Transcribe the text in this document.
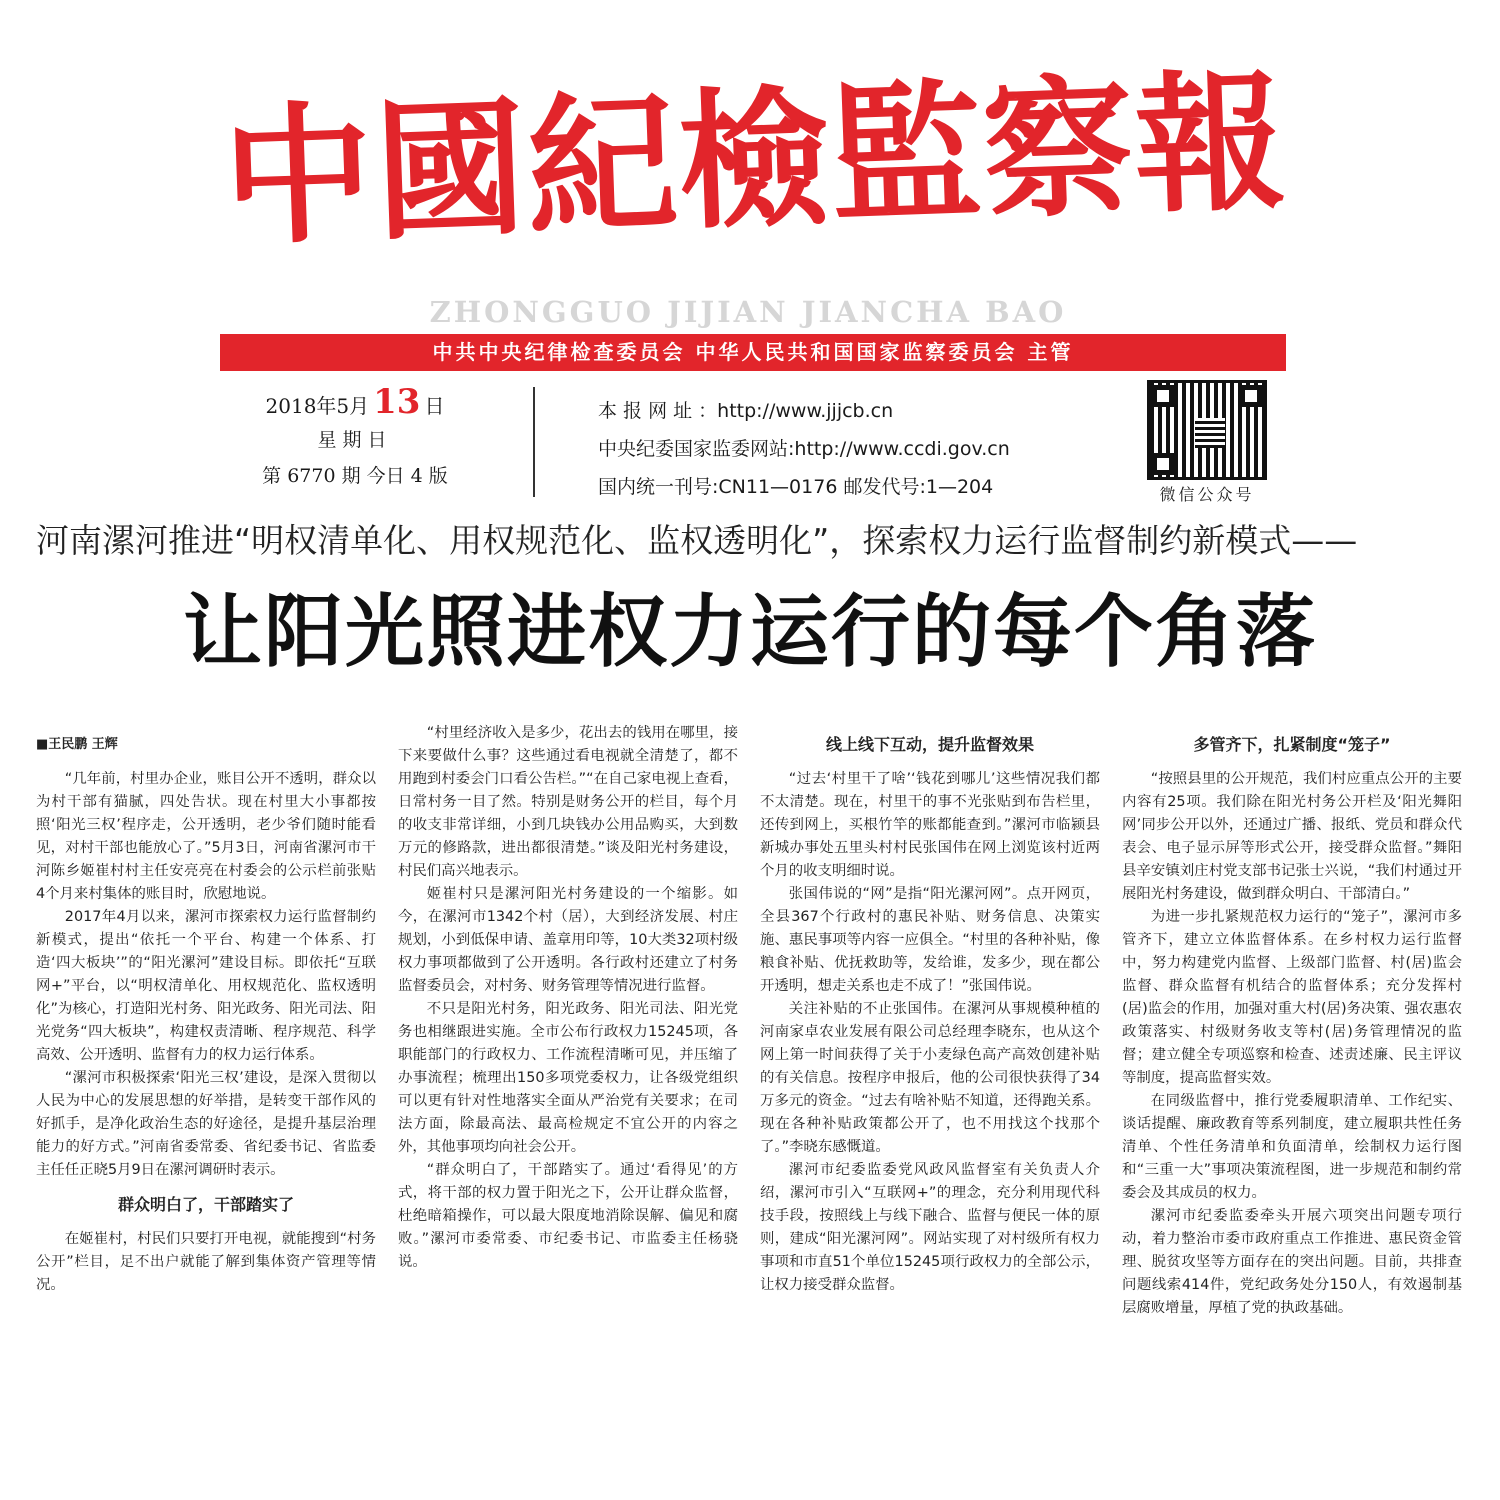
中國紀檢監察報
ZHONGGUO JIJIAN JIANCHA BAO
中共中央纪律检查委员会 中华人民共和国国家监察委员会 主管
2018年5月 13 日
星期日
第 6770 期 今日 4 版
本 报 网 址 ：http://www.jjjcb.cn
中央纪委国家监委网站:http://www.ccdi.gov.cn
国内统一刊号:CN11—0176 邮发代号:1—204	微信公众号
河南漯河推进“明权清单化、用权规范化、监权透明化”，探索权力运行监督制约新模式——
让阳光照进权力运行的每个角落

■王民鹏 王辉

“几年前，村里办企业，账目公开不透明，群众以为村干部有猫腻，四处告状。现在村里大小事都按照‘阳光三权’程序走，公开透明，老少爷们随时能看见，对村干部也能放心了。”5月3日，河南省漯河市干河陈乡姬崔村村主任安亮亮在村委会的公示栏前张贴4个月来村集体的账目时，欣慰地说。

2017年4月以来，漯河市探索权力运行监督制约新模式，提出“依托一个平台、构建一个体系、打造‘四大板块’”的“阳光漯河”建设目标。即依托“互联网+”平台，以“明权清单化、用权规范化、监权透明化”为核心，打造阳光村务、阳光政务、阳光司法、阳光党务“四大板块”，构建权责清晰、程序规范、科学高效、公开透明、监督有力的权力运行体系。

“漯河市积极探索‘阳光三权’建设，是深入贯彻以人民为中心的发展思想的好举措，是转变干部作风的好抓手，是净化政治生态的好途径，是提升基层治理能力的好方式。”河南省委常委、省纪委书记、省监委主任任正晓5月9日在漯河调研时表示。

群众明白了，干部踏实了

在姬崔村，村民们只要打开电视，就能搜到“村务公开”栏目，足不出户就能了解到集体资产管理等情况。

“村里经济收入是多少，花出去的钱用在哪里，接下来要做什么事？这些通过看电视就全清楚了，都不用跑到村委会门口看公告栏。”“在自己家电视上查看，日常村务一目了然。特别是财务公开的栏目，每个月的收支非常详细，小到几块钱办公用品购买，大到数万元的修路款，进出都很清楚。”谈及阳光村务建设，村民们高兴地表示。

姬崔村只是漯河阳光村务建设的一个缩影。如今，在漯河市1342个村（居），大到经济发展、村庄规划，小到低保申请、盖章用印等，10大类32项村级权力事项都做到了公开透明。各行政村还建立了村务监督委员会，对村务、财务管理等情况进行监督。

不只是阳光村务，阳光政务、阳光司法、阳光党务也相继跟进实施。全市公布行政权力15245项，各职能部门的行政权力、工作流程清晰可见，并压缩了办事流程；梳理出150多项党委权力，让各级党组织可以更有针对性地落实全面从严治党有关要求；在司法方面，除最高法、最高检规定不宜公开的内容之外，其他事项均向社会公开。

“群众明白了，干部踏实了。通过‘看得见’的方式，将干部的权力置于阳光之下，公开让群众监督，杜绝暗箱操作，可以最大限度地消除误解、偏见和腐败。”漯河市委常委、市纪委书记、市监委主任杨骁说。

线上线下互动，提升监督效果

“过去‘村里干了啥’‘钱花到哪儿’这些情况我们都不太清楚。现在，村里干的事不光张贴到布告栏里，还传到网上，买根竹竿的账都能查到。”漯河市临颍县新城办事处五里头村村民张国伟在网上浏览该村近两个月的收支明细时说。

张国伟说的“网”是指“阳光漯河网”。点开网页，全县367个行政村的惠民补贴、财务信息、决策实施、惠民事项等内容一应俱全。“村里的各种补贴，像粮食补贴、优抚救助等，发给谁，发多少，现在都公开透明，想走关系也走不成了！”张国伟说。

关注补贴的不止张国伟。在漯河从事规模种植的河南家卓农业发展有限公司总经理李晓东，也从这个网上第一时间获得了关于小麦绿色高产高效创建补贴的有关信息。按程序申报后，他的公司很快获得了34万多元的资金。“过去有啥补贴不知道，还得跑关系。现在各种补贴政策都公开了，也不用找这个找那个了。”李晓东感慨道。

漯河市纪委监委党风政风监督室有关负责人介绍，漯河市引入“互联网+”的理念，充分利用现代科技手段，按照线上与线下融合、监督与便民一体的原则，建成“阳光漯河网”。网站实现了对村级所有权力事项和市直51个单位15245项行政权力的全部公示，让权力接受群众监督。

多管齐下，扎紧制度“笼子”

“按照县里的公开规范，我们村应重点公开的主要内容有25项。我们除在阳光村务公开栏及‘阳光舞阳网’同步公开以外，还通过广播、报纸、党员和群众代表会、电子显示屏等形式公开，接受群众监督。”舞阳县辛安镇刘庄村党支部书记张士兴说，“我们村通过开展阳光村务建设，做到群众明白、干部清白。”

为进一步扎紧规范权力运行的“笼子”，漯河市多管齐下，建立立体监督体系。在乡村权力运行监督中，努力构建党内监督、上级部门监督、村(居)监会监督、群众监督有机结合的监督体系；充分发挥村(居)监会的作用，加强对重大村(居)务决策、强农惠农政策落实、村级财务收支等村(居)务管理情况的监督；建立健全专项巡察和检查、述责述廉、民主评议等制度，提高监督实效。

在同级监督中，推行党委履职清单、工作纪实、谈话提醒、廉政教育等系列制度，建立履职共性任务清单、个性任务清单和负面清单，绘制权力运行图和“三重一大”事项决策流程图，进一步规范和制约常委会及其成员的权力。

漯河市纪委监委牵头开展六项突出问题专项行动，着力整治市委市政府重点工作推进、惠民资金管理、脱贫攻坚等方面存在的突出问题。目前，共排查问题线索414件，党纪政务处分150人，有效遏制基层腐败增量，厚植了党的执政基础。
